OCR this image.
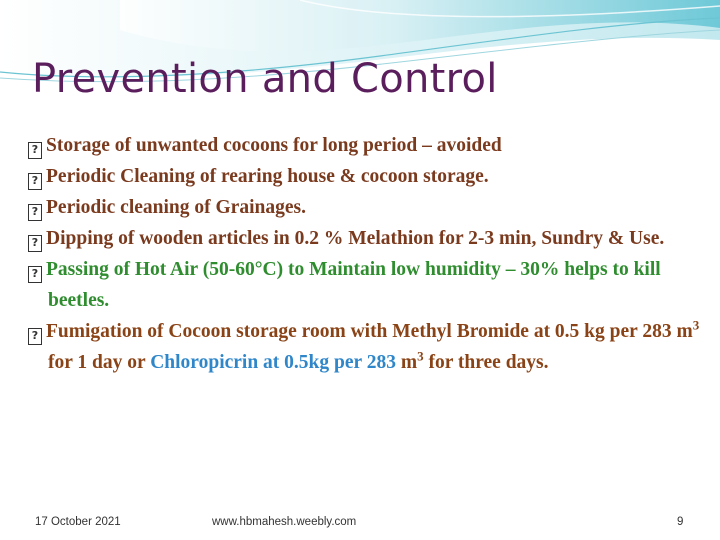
Prevention and Control
?Storage of unwanted cocoons for long period – avoided
?Periodic Cleaning of rearing house & cocoon storage.
?Periodic cleaning of Grainages.
?Dipping of wooden articles in 0.2 % Melathion for 2-3 min, Sundry & Use.
?Passing of Hot Air (50-60°C) to Maintain low humidity – 30% helps to kill beetles.
?Fumigation of Cocoon storage room with Methyl Bromide at 0.5 kg per 283 $m^3$ for 1 day or Chloropicrin at 0.5kg per 283 $m^3$ for three days.
17 October 2021	www.hbmahesh.weebly.com	9
